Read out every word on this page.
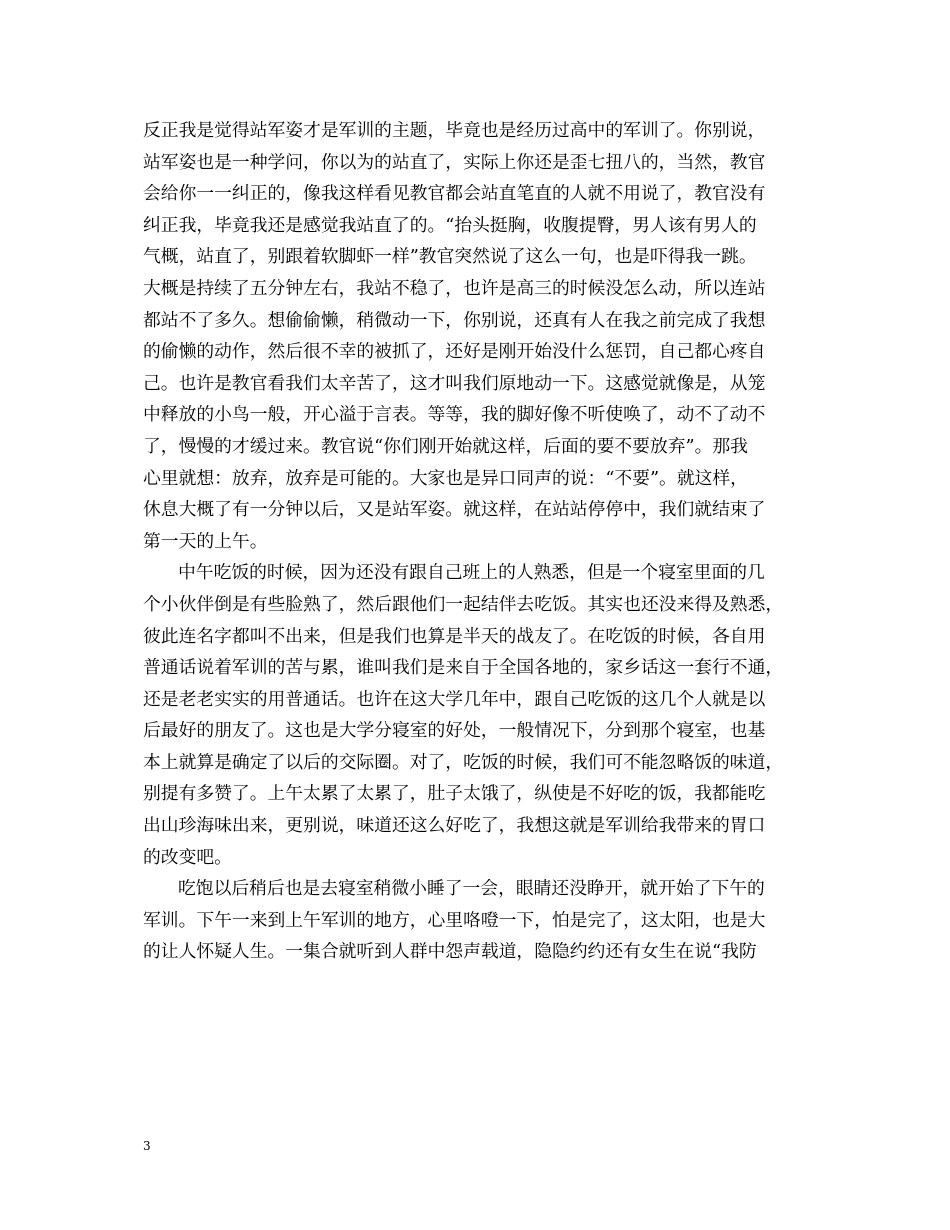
反正我是觉得站军姿才是军训的主题，毕竟也是经历过高中的军训了。你别说，
站军姿也是一种学问，你以为的站直了，实际上你还是歪七扭八的，当然，教官
会给你一一纠正的，像我这样看见教官都会站直笔直的人就不用说了，教官没有
纠正我，毕竟我还是感觉我站直了的。“抬头挺胸，收腹提臀，男人该有男人的
气概，站直了，别跟着软脚虾一样”教官突然说了这么一句，也是吓得我一跳。
大概是持续了五分钟左右，我站不稳了，也许是高三的时候没怎么动，所以连站
都站不了多久。想偷偷懒，稍微动一下，你别说，还真有人在我之前完成了我想
的偷懒的动作，然后很不幸的被抓了，还好是刚开始没什么惩罚，自己都心疼自
己。也许是教官看我们太辛苦了，这才叫我们原地动一下。这感觉就像是，从笼
中释放的小鸟一般，开心溢于言表。等等，我的脚好像不听使唤了，动不了动不
了，慢慢的才缓过来。教官说“你们刚开始就这样，后面的要不要放弃”。那我
心里就想：放弃，放弃是可能的。大家也是异口同声的说：“不要”。就这样，
休息大概了有一分钟以后，又是站军姿。就这样，在站站停停中，我们就结束了
第一天的上午。

中午吃饭的时候，因为还没有跟自己班上的人熟悉，但是一个寝室里面的几
个小伙伴倒是有些脸熟了，然后跟他们一起结伴去吃饭。其实也还没来得及熟悉，
彼此连名字都叫不出来，但是我们也算是半天的战友了。在吃饭的时候，各自用
普通话说着军训的苦与累，谁叫我们是来自于全国各地的，家乡话这一套行不通，
还是老老实实的用普通话。也许在这大学几年中，跟自己吃饭的这几个人就是以
后最好的朋友了。这也是大学分寝室的好处，一般情况下，分到那个寝室，也基
本上就算是确定了以后的交际圈。对了，吃饭的时候，我们可不能忽略饭的味道，
别提有多赞了。上午太累了太累了，肚子太饿了，纵使是不好吃的饭，我都能吃
出山珍海味出来，更别说，味道还这么好吃了，我想这就是军训给我带来的胃口
的改变吧。

吃饱以后稍后也是去寝室稍微小睡了一会，眼睛还没睁开，就开始了下午的
军训。下午一来到上午军训的地方，心里咯噔一下，怕是完了，这太阳，也是大
的让人怀疑人生。一集合就听到人群中怨声载道，隐隐约约还有女生在说“我防

3
